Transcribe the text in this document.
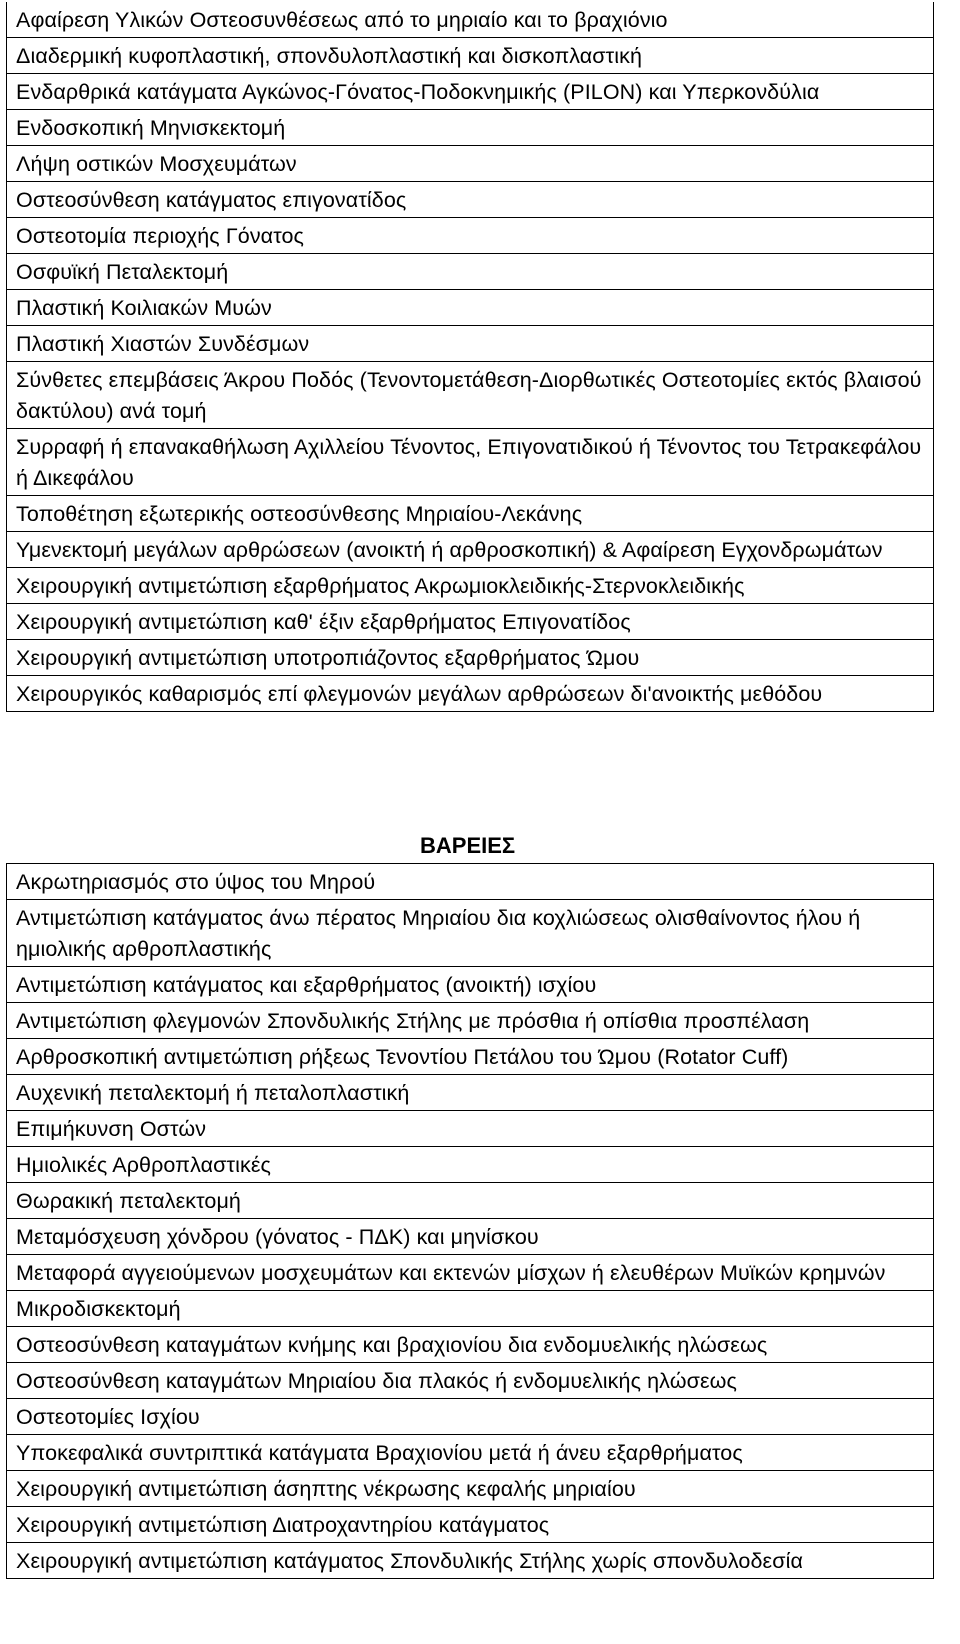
Αφαίρεση Υλικών Οστεοσυνθέσεως από το μηριαίο και το βραχιόνιο
Διαδερμική κυφοπλαστική, σπονδυλοπλαστική και δισκοπλαστική
Ενδαρθρικά κατάγματα Αγκώνος-Γόνατος-Ποδοκνημικής (PILON) και Υπερκονδύλια
Ενδοσκοπική Μηνισκεκτομή
Λήψη οστικών Μοσχευμάτων
Οστεοσύνθεση κατάγματος επιγονατίδος
Οστεοτομία περιοχής Γόνατος
Οσφυϊκή Πεταλεκτομή
Πλαστική Κοιλιακών Μυών
Πλαστική Χιαστών Συνδέσμων
Σύνθετες επεμβάσεις Άκρου Ποδός (Τενοντομετάθεση-Διορθωτικές Οστεοτομίες εκτός βλαισού δακτύλου) ανά τομή
Συρραφή ή επανακαθήλωση Αχιλλείου Τένοντος, Επιγονατιδικού ή Τένοντος του Τετρακεφάλου ή Δικεφάλου
Τοποθέτηση εξωτερικής οστεοσύνθεσης Μηριαίου-Λεκάνης
Υμενεκτομή μεγάλων αρθρώσεων (ανοικτή ή αρθροσκοπική) & Αφαίρεση Εγχονδρωμάτων
Χειρουργική αντιμετώπιση εξαρθρήματος Ακρωμιοκλειδικής-Στερνοκλειδικής
Χειρουργική αντιμετώπιση καθ' έξιν εξαρθρήματος Επιγονατίδος
Χειρουργική αντιμετώπιση υποτροπιάζοντος εξαρθρήματος Ώμου
Χειρουργικός καθαρισμός επί φλεγμονών μεγάλων αρθρώσεων δι'ανοικτής μεθόδου
ΒΑΡΕΙΕΣ
Ακρωτηριασμός στο ύψος του Μηρού
Αντιμετώπιση κατάγματος άνω πέρατος Μηριαίου δια κοχλιώσεως ολισθαίνοντος ήλου ή ημιολικής αρθροπλαστικής
Αντιμετώπιση κατάγματος και εξαρθρήματος (ανοικτή) ισχίου
Αντιμετώπιση φλεγμονών Σπονδυλικής Στήλης με πρόσθια ή οπίσθια προσπέλαση
Αρθροσκοπική αντιμετώπιση ρήξεως Τενοντίου Πετάλου του Ώμου (Rotator Cuff)
Αυχενική πεταλεκτομή ή πεταλοπλαστική
Επιμήκυνση Οστών
Ημιολικές Αρθροπλαστικές
Θωρακική πεταλεκτομή
Μεταμόσχευση χόνδρου (γόνατος - ΠΔΚ) και μηνίσκου
Μεταφορά αγγειούμενων μοσχευμάτων και εκτενών μίσχων ή ελευθέρων Μυϊκών κρημνών
Μικροδισκεκτομή
Οστεοσύνθεση καταγμάτων κνήμης και βραχιονίου δια ενδομυελικής ηλώσεως
Οστεοσύνθεση καταγμάτων Μηριαίου δια πλακός ή ενδομυελικής ηλώσεως
Οστεοτομίες Ισχίου
Υποκεφαλικά συντριπτικά κατάγματα Βραχιονίου μετά ή άνευ εξαρθρήματος
Χειρουργική αντιμετώπιση άσηπτης νέκρωσης κεφαλής μηριαίου
Χειρουργική αντιμετώπιση Διατροχαντηρίου κατάγματος
Χειρουργική αντιμετώπιση κατάγματος Σπονδυλικής Στήλης χωρίς σπονδυλοδεσία
